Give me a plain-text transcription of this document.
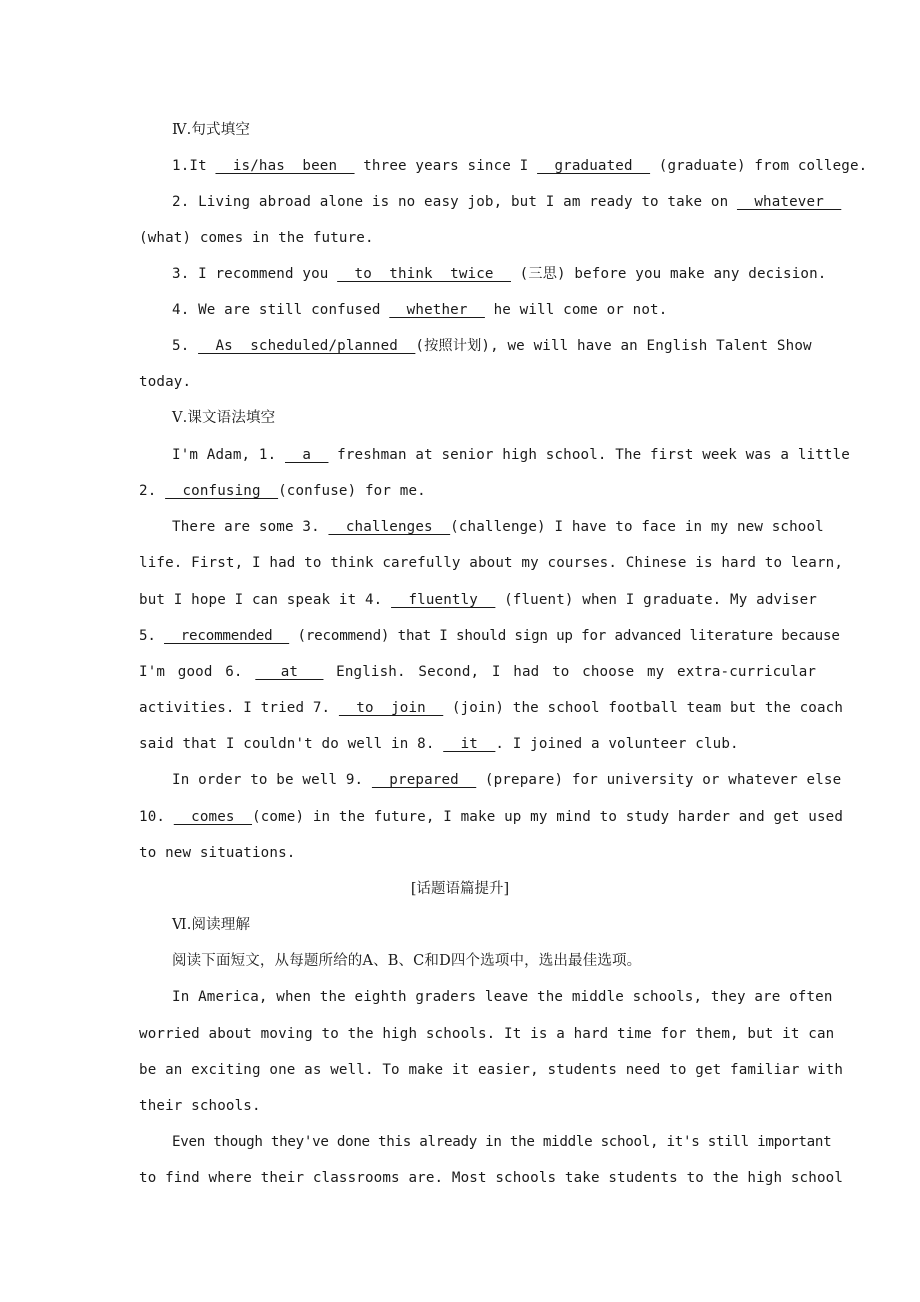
Ⅳ.句式填空
1.It   is/has  been   three years since I   graduated   (graduate) from college.
2. Living abroad alone is no easy job, but I am ready to take on   whatever
(what) comes in the future.
3. I recommend you   to  think  twice   (三思) before you make any decision.
4. We are still confused   whether   he will come or not.
5.   As  scheduled/planned  (按照计划), we will have an English Talent Show
today.
Ⅴ.课文语法填空
I'm Adam, 1.   a   freshman at senior high school. The first week was a little
2.   confusing  (confuse) for me.
There are some 3.   challenges  (challenge) I have to face in my new school
life. First, I had to think carefully about my courses. Chinese is hard to learn,
but I hope I can speak it 4.   fluently   (fluent) when I graduate. My adviser
5.   recommended   (recommend) that I should sign up for advanced literature because
I'm good 6.   at   English. Second, I had to choose my extra-curricular
activities. I tried 7.   to  join   (join) the school football team but the coach
said that I couldn't do well in 8.   it  . I joined a volunteer club.
In order to be well 9.   prepared   (prepare) for university or whatever else
10.   comes  (come) in the future, I make up my mind to study harder and get used
to new situations.
[话题语篇提升]
Ⅵ.阅读理解
阅读下面短文，从每题所给的A、B、C和D四个选项中，选出最佳选项。
In America, when the eighth graders leave the middle schools, they are often
worried about moving to the high schools. It is a hard time for them, but it can
be an exciting one as well. To make it easier, students need to get familiar with
their schools.
Even though they've done this already in the middle school, it's still important
to find where their classrooms are. Most schools take students to the high school
